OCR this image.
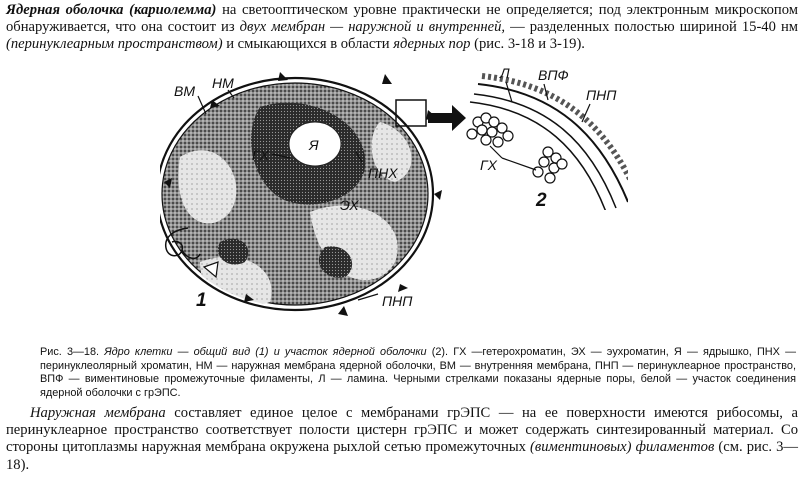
Ядерная оболочка (кариолемма) на светооптическом уровне практически не определяется; под электронным микроскопом обнаруживается, что она состоит из двух мембран — наружной и внутренней, — разделенных полостью шириной 15-40 нм (перинуклеарным пространством) и смыкающихся в области ядерных пор (рис. 3-18 и 3-19).
ВМ НМ
ГХ
Я
ПНХ
ЭХ
ПНП
1
Л ВПФ
ПНП
ГХ
2
Рис. 3—18. Ядро клетки — общий вид (1) и участок ядерной оболочки (2). ГХ —гетерохроматин, ЭХ — эухроматин, Я — ядрышко, ПНХ — перинуклеолярный хроматин, НМ — наружная мембрана ядерной оболочки, ВМ — внутренняя мембрана, ПНП — перинуклеарное пространство, ВПФ — виментиновые промежуточные филаменты, Л — ламина. Черными стрелками показаны ядерные поры, белой — участок соединения ядерной оболочки с грЭПС.
Наружная мембрана составляет единое целое с мембранами грЭПС — на ее поверхности имеются рибосомы, а перинуклеарное пространство соответствует полости цистерн грЭПС и может содержать синтезированный материал. Со стороны цитоплазмы наружная мембрана окружена рыхлой сетью промежуточных (виментиновых) филаментов (см. рис. 3—18).
